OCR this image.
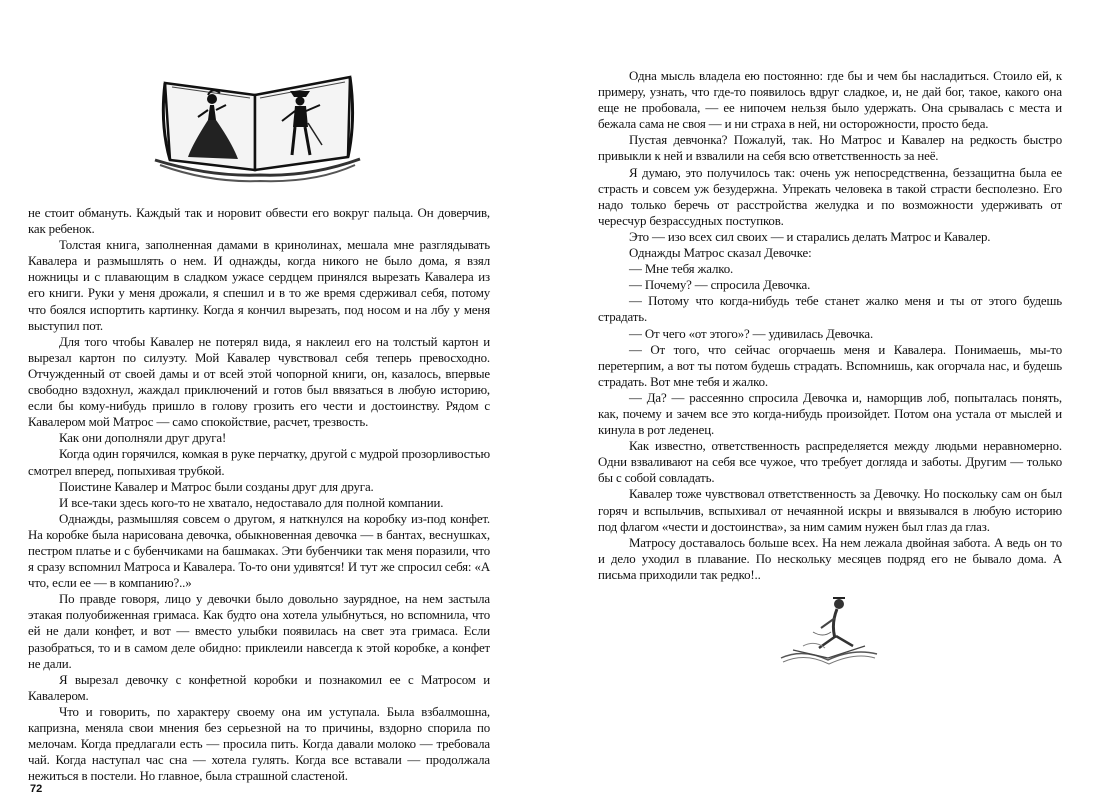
не стоит обмануть. Каждый так и норовит обвести его вокруг пальца. Он доверчив, как ребенок.

Толстая книга, заполненная дамами в кринолинах, мешала мне разглядывать Кавалера и размышлять о нем. И однажды, когда никого не было дома, я взял ножницы и с плавающим в сладком ужасе сердцем принялся вырезать Кавалера из его книги. Руки у меня дрожали, я спешил и в то же время сдерживал себя, потому что боялся испортить картинку. Когда я кончил вырезать, под носом и на лбу у меня выступил пот.

Для того чтобы Кавалер не потерял вида, я наклеил его на толстый картон и вырезал картон по силуэту. Мой Кавалер чувствовал себя теперь превосходно. Отчужденный от своей дамы и от всей этой чопорной книги, он, казалось, впервые свободно вздохнул, жаждал приключений и готов был ввязаться в любую историю, если бы кому-нибудь пришло в голову грозить его чести и достоинству. Рядом с Кавалером мой Матрос — само спокойствие, расчет, трезвость.

Как они дополняли друг друга!

Когда один горячился, комкая в руке перчатку, другой с мудрой прозорливостью смотрел вперед, попыхивая трубкой.

Поистине Кавалер и Матрос были созданы друг для друга.

И все-таки здесь кого-то не хватало, недоставало для полной компании.

Однажды, размышляя совсем о другом, я наткнулся на коробку из-под конфет. На коробке была нарисована девочка, обыкновенная девочка — в бантах, веснушках, пестром платье и с бубенчиками на башмаках. Эти бубенчики так меня поразили, что я сразу вспомнил Матроса и Кавалера. То-то они удивятся! И тут же спросил себя: «А что, если ее — в компанию?..»

По правде говоря, лицо у девочки было довольно заурядное, на нем застыла этакая полуобиженная гримаса. Как будто она хотела улыбнуться, но вспомнила, что ей не дали конфет, и вот — вместо улыбки появилась на свет эта гримаса. Если разобраться, то и в самом деле обидно: приклеили навсегда к этой коробке, а конфет не дали.

Я вырезал девочку с конфетной коробки и познакомил ее с Матросом и Кавалером.

Что и говорить, по характеру своему она им уступала. Была взбалмошна, капризна, меняла свои мнения без серьезной на то причины, вздорно спорила по мелочам. Когда предлагали есть — просила пить. Когда давали молоко — требовала чай. Когда наступал час сна — хотела гулять. Когда все вставали — продолжала нежиться в постели. Но главное, была страшной сластеной.

Одна мысль владела ею постоянно: где бы и чем бы насладиться. Стоило ей, к примеру, узнать, что где-то появилось вдруг сладкое, и, не дай бог, такое, какого она еще не пробовала, — ее нипочем нельзя было удержать. Она срывалась с места и бежала сама не своя — и ни страха в ней, ни осторожности, просто беда.

Пустая девчонка? Пожалуй, так. Но Матрос и Кавалер на редкость быстро привыкли к ней и взвалили на себя всю ответственность за неё.

Я думаю, это получилось так: очень уж непосредственна, беззащитна была ее страсть и совсем уж безудержна. Упрекать человека в такой страсти бесполезно. Его надо только беречь от расстройства желудка и по возможности удерживать от чересчур безрассудных поступков.

Это — изо всех сил своих — и старались делать Матрос и Кавалер.

Однажды Матрос сказал Девочке:

— Мне тебя жалко.

— Почему? — спросила Девочка.

— Потому что когда-нибудь тебе станет жалко меня и ты от этого будешь страдать.

— От чего «от этого»? — удивилась Девочка.

— От того, что сейчас огорчаешь меня и Кавалера. Понимаешь, мы-то перетерпим, а вот ты потом будешь страдать. Вспомнишь, как огорчала нас, и будешь страдать. Вот мне тебя и жалко.

— Да? — рассеянно спросила Девочка и, наморщив лоб, попыталась понять, как, почему и зачем все это когда-нибудь произойдет. Потом она устала от мыслей и кинула в рот леденец.

Как известно, ответственность распределяется между людьми неравномерно. Одни взваливают на себя все чужое, что требует догляда и заботы. Другим — только бы с собой совладать.

Кавалер тоже чувствовал ответственность за Девочку. Но поскольку сам он был горяч и вспыльчив, вспыхивал от нечаянной искры и ввязывался в любую историю под флагом «чести и достоинства», за ним самим нужен был глаз да глаз.

Матросу доставалось больше всех. На нем лежала двойная забота. А ведь он то и дело уходил в плавание. По нескольку месяцев подряд его не бывало дома. А письма приходили так редко!..

72
